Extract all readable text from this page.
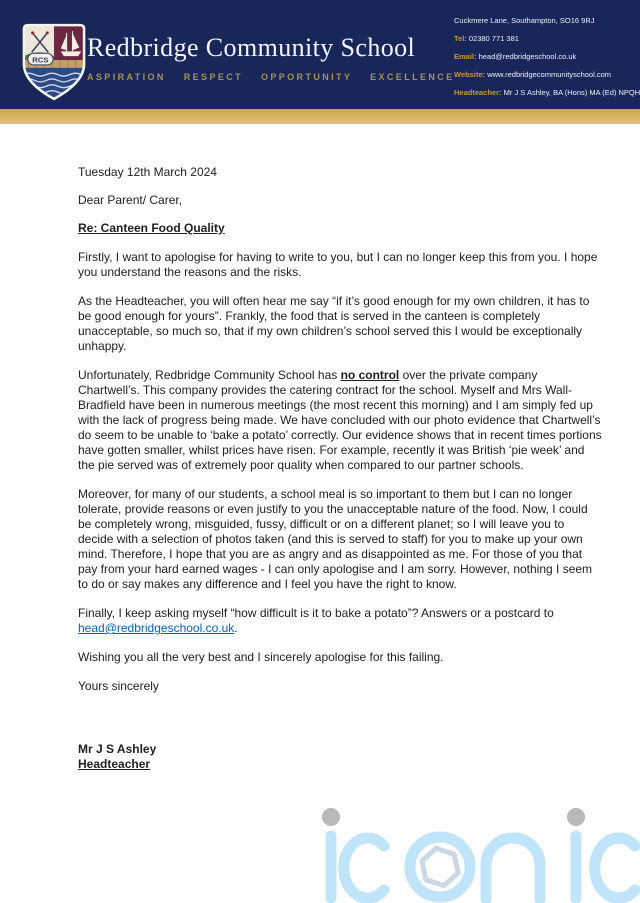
RCS Redbridge Community School
ASPIRATION RESPECT OPPORTUNITY EXCELLENCE
Cuckmere Lane, Southampton, SO16 9RJ
Tel: 02380 771 381
Email: head@redbridgeschool.co.uk
Website: www.redbridgecommunityschool.com
Headteacher: Mr J S Ashley, BA (Hons) MA (Ed) NPQH

Tuesday 12th March 2024

Dear Parent/ Carer,

Re: Canteen Food Quality

Firstly, I want to apologise for having to write to you, but I can no longer keep this from you. I hope you understand the reasons and the risks.

As the Headteacher, you will often hear me say “if it’s good enough for my own children, it has to be good enough for yours”. Frankly, the food that is served in the canteen is completely unacceptable, so much so, that if my own children’s school served this I would be exceptionally unhappy.

Unfortunately, Redbridge Community School has no control over the private company Chartwell’s. This company provides the catering contract for the school. Myself and Mrs Wall-Bradfield have been in numerous meetings (the most recent this morning) and I am simply fed up with the lack of progress being made. We have concluded with our photo evidence that Chartwell’s do seem to be unable to ‘bake a potato’ correctly. Our evidence shows that in recent times portions have gotten smaller, whilst prices have risen. For example, recently it was British ‘pie week’ and the pie served was of extremely poor quality when compared to our partner schools.

Moreover, for many of our students, a school meal is so important to them but I can no longer tolerate, provide reasons or even justify to you the unacceptable nature of the food. Now, I could be completely wrong, misguided, fussy, difficult or on a different planet; so I will leave you to decide with a selection of photos taken (and this is served to staff) for you to make up your own mind. Therefore, I hope that you are as angry and as disappointed as me. For those of you that pay from your hard earned wages - I can only apologise and I am sorry. However, nothing I seem to do or say makes any difference and I feel you have the right to know.

Finally, I keep asking myself “how difficult is it to bake a potato”? Answers or a postcard to head@redbridgeschool.co.uk.

Wishing you all the very best and I sincerely apologise for this failing.

Yours sincerely

Mr J S Ashley

Headteacher
